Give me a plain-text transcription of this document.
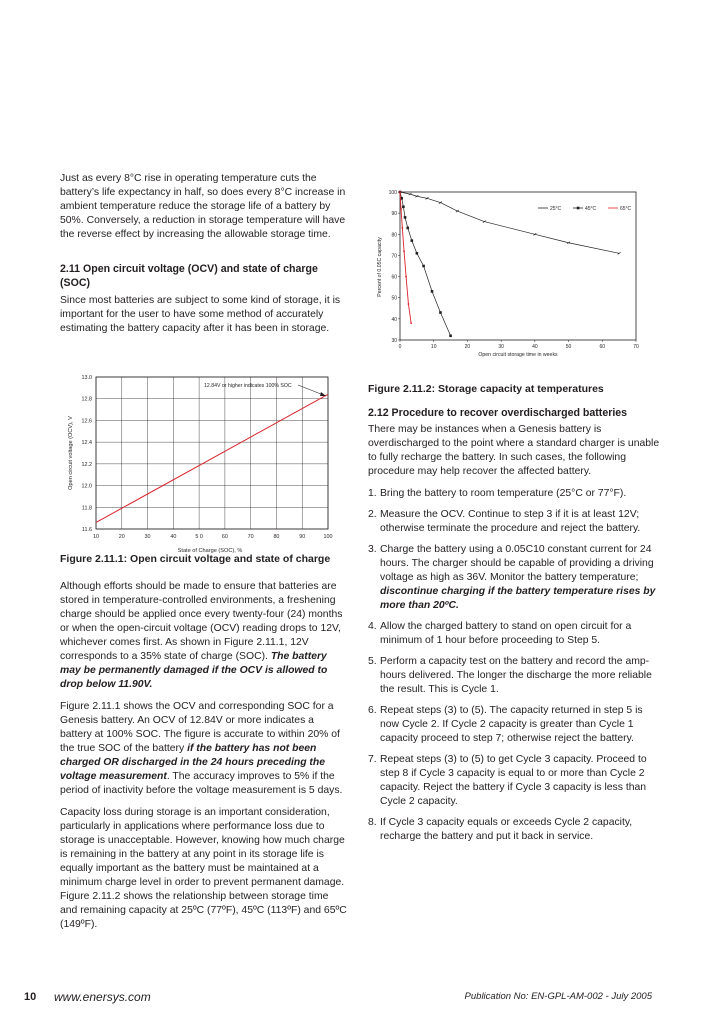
Just as every 8°C rise in operating temperature cuts the battery’s life expectancy in half, so does every 8°C increase in ambient temperature reduce the storage life of a battery by 50%. Conversely, a reduction in storage temperature will have the reverse effect by increasing the allowable storage time.

2.11 Open circuit voltage (OCV) and state of charge (SOC)

Since most batteries are subject to some kind of storage, it is important for the user to have some method of accurately estimating the battery capacity after it has been in storage.

Figure 2.11.1: Open circuit voltage and state of charge

Although efforts should be made to ensure that batteries are stored in temperature-controlled environments, a freshening charge should be applied once every twenty-four (24) months or when the open-circuit voltage (OCV) reading drops to 12V, whichever comes first. As shown in Figure 2.11.1, 12V corresponds to a 35% state of charge (SOC). The battery may be permanently damaged if the OCV is allowed to drop below 11.90V.

Figure 2.11.1 shows the OCV and corresponding SOC for a Genesis battery. An OCV of 12.84V or more indicates a battery at 100% SOC. The figure is accurate to within 20% of the true SOC of the battery if the battery has not been charged OR discharged in the 24 hours preceding the voltage measurement. The accuracy improves to 5% if the period of inactivity before the voltage measurement is 5 days.

Capacity loss during storage is an important consideration, particularly in applications where performance loss due to storage is unacceptable. However, knowing how much charge is remaining in the battery at any point in its storage life is equally important as the battery must be maintained at a minimum charge level in order to prevent permanent damage. Figure 2.11.2 shows the relationship between storage time and remaining capacity at 25ºC (77ºF), 45ºC (113ºF) and 65ºC (149ºF).

11.6
11.8
12.0
12.2
12.4
12.6
12.8
13.0
10	20	30	40	5 0	60	70	80	90	100
12.84V or higher indicates 100% SOC
State of Charge (SOC), %
Open circuit voltage (OCV), V
30
40
50
60
70
80
90
100
0	10	20	30	40	50	60	70
25°C	45°C	65°C
Open circuit storage time in weeks
Percent of 0.05C capacity

Figure 2.11.2: Storage capacity at temperatures

2.12 Procedure to recover overdischarged batteries

There may be instances when a Genesis battery is overdischarged to the point where a standard charger is unable to fully recharge the battery. In such cases, the following procedure may help recover the affected battery.

1. Bring the battery to room temperature (25°C or 77°F).
2. Measure the OCV. Continue to step 3 if it is at least 12V; otherwise terminate the procedure and reject the battery.
3. Charge the battery using a 0.05C10 constant current for 24 hours. The charger should be capable of providing a driving voltage as high as 36V. Monitor the battery temperature; discontinue charging if the battery temperature rises by more than 20ºC.
4. Allow the charged battery to stand on open circuit for a minimum of 1 hour before proceeding to Step 5.
5. Perform a capacity test on the battery and record the amp-hours delivered. The longer the discharge the more reliable the result. This is Cycle 1.
6. Repeat steps (3) to (5). The capacity returned in step 5 is now Cycle 2. If Cycle 2 capacity is greater than Cycle 1 capacity proceed to step 7; otherwise reject the battery.
7. Repeat steps (3) to (5) to get Cycle 3 capacity. Proceed to step 8 if Cycle 3 capacity is equal to or more than Cycle 2 capacity. Reject the battery if Cycle 3 capacity is less than Cycle 2 capacity.
8. If Cycle 3 capacity equals or exceeds Cycle 2 capacity, recharge the battery and put it back in service.
10 www.enersys.com	Publication No: EN-GPL-AM-002 - July 2005
